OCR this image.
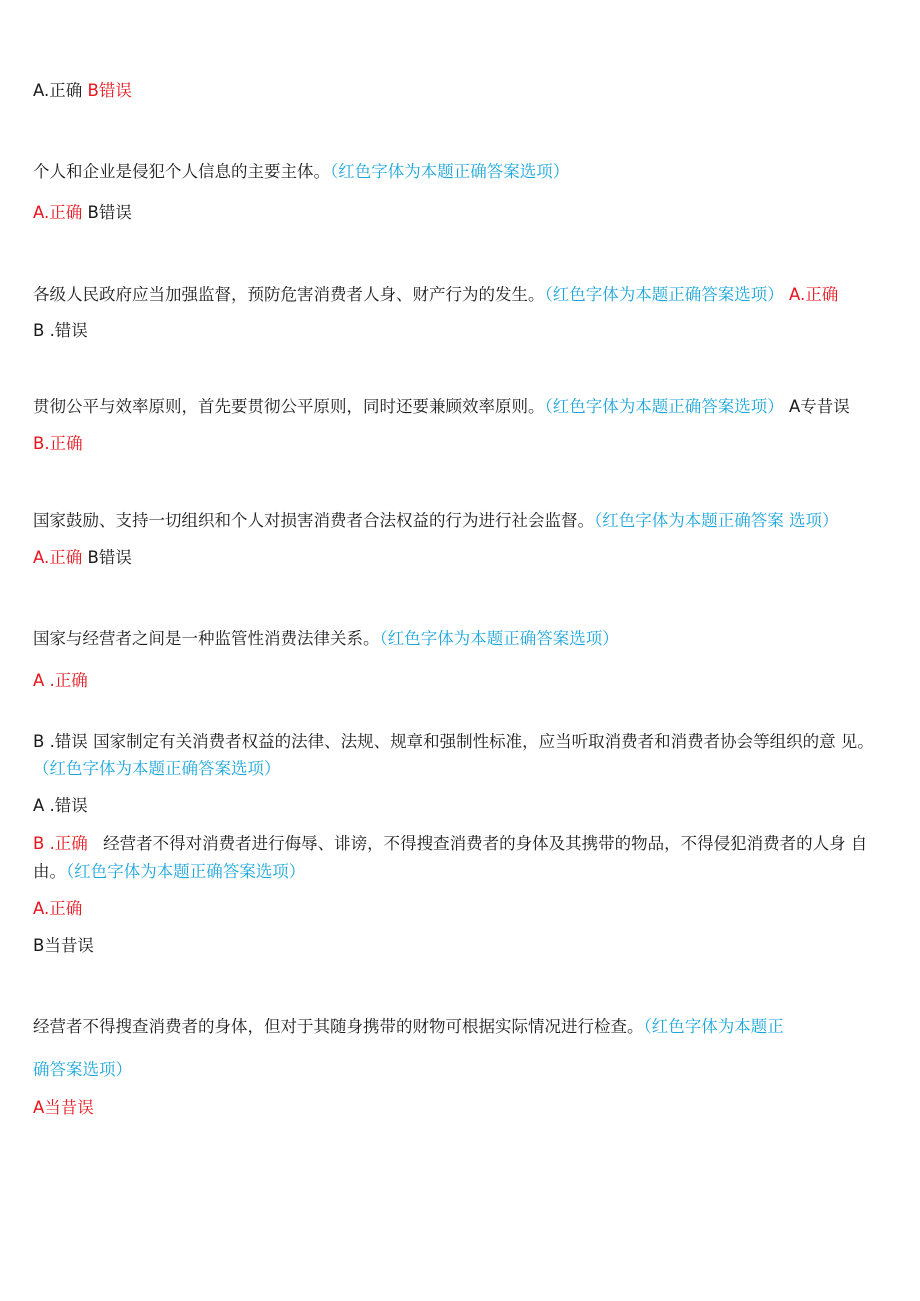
A.正确 B错误
个人和企业是侵犯个人信息的主要主体。（红色字体为本题正确答案选项）
A.正确 B错误
各级人民政府应当加强监督，预防危害消费者人身、财产行为的发生。（红色字体为本题正确答案选项） A.正确
B .错误
贯彻公平与效率原则，首先要贯彻公平原则，同时还要兼顾效率原则。（红色字体为本题正确答案选项） A专昔误
B.正确
国家鼓励、支持一切组织和个人对损害消费者合法权益的行为进行社会监督。（红色字体为本题正确答案 选项）
A.正确 B错误
国家与经营者之间是一种监管性消费法律关系。（红色字体为本题正确答案选项）
A .正确
B .错误 国家制定有关消费者权益的法律、法规、规章和强制性标准，应当听取消费者和消费者协会等组织的意 见。
（红色字体为本题正确答案选项）
A .错误
B .正确 经营者不得对消费者进行侮辱、诽谤，不得搜查消费者的身体及其携带的物品，不得侵犯消费者的人身 自
由。（红色字体为本题正确答案选项）
A.正确
B当昔误
经营者不得搜查消费者的身体，但对于其随身携带的财物可根据实际情况进行检查。（红色字体为本题正
确答案选项）
A当昔误
